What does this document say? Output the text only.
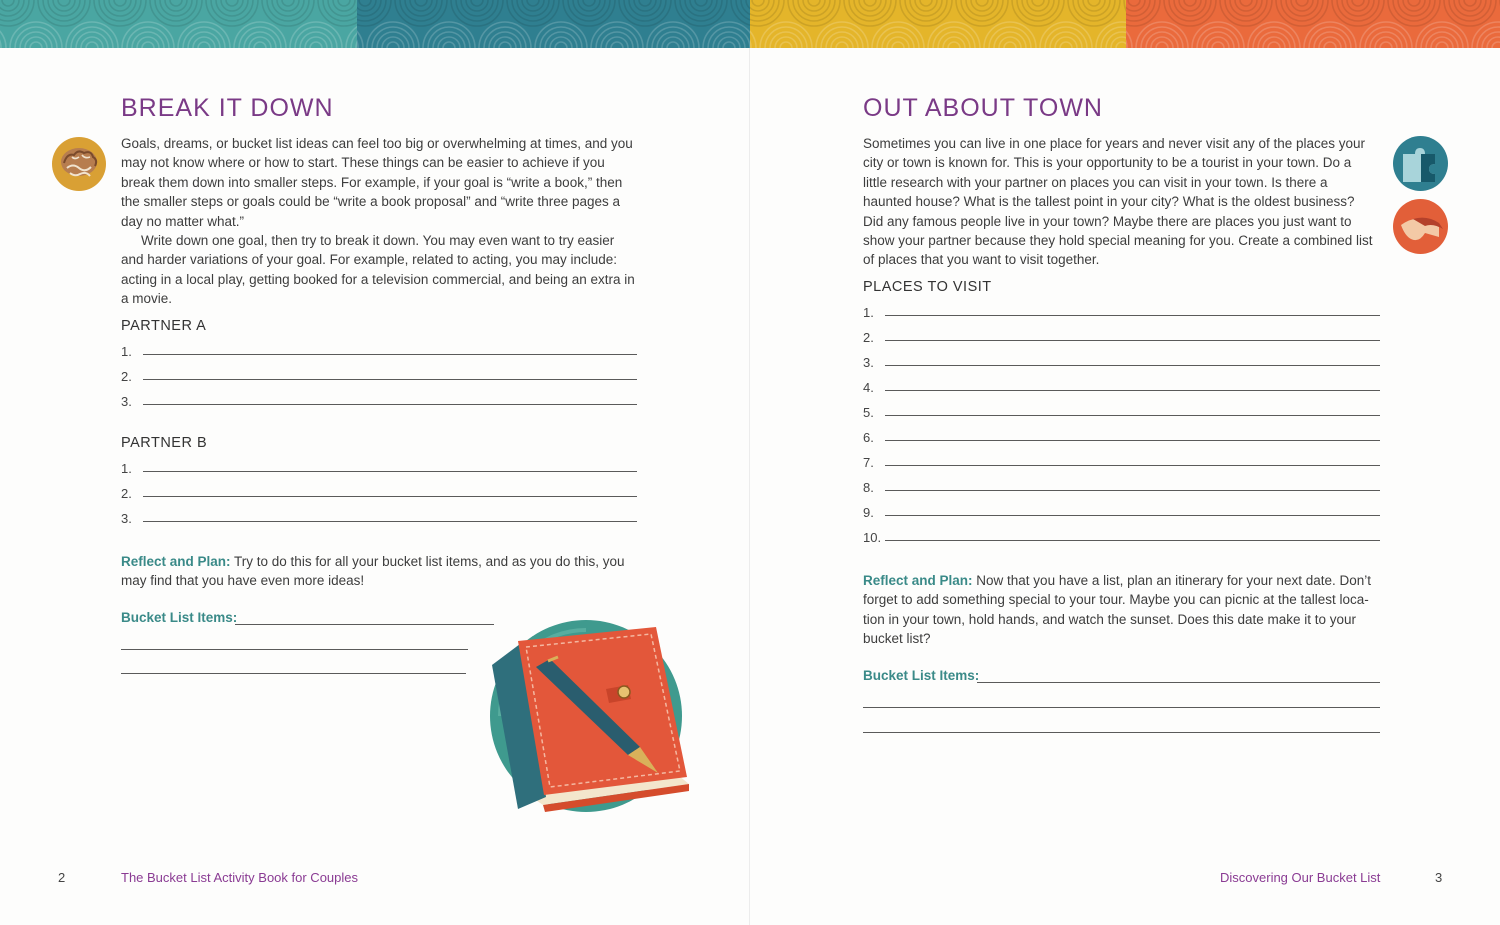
BREAK IT DOWN

Goals, dreams, or bucket list ideas can feel too big or overwhelming at times, and you may not know where or how to start. These things can be easier to achieve if you break them down into smaller steps. For example, if your goal is “write a book,” then the smaller steps or goals could be “write a book proposal” and “write three pages a day no matter what.”

Write down one goal, then try to break it down. You may even want to try easier and harder variations of your goal. For example, related to acting, you may include: acting in a local play, getting booked for a television commercial, and being an extra in a movie.

PARTNER A
1.
2.
3.
PARTNER B
1.
2.
3.
Reflect and Plan: Try to do this for all your bucket list items, and as you do this, you may find that you have even more ideas!
Bucket List Items:
2	The Bucket List Activity Book for Couples
OUT ABOUT TOWN

Sometimes you can live in one place for years and never visit any of the places your city or town is known for. This is your opportunity to be a tourist in your town. Do a little research with your partner on places you can visit in your town. Is there a haunted house? What is the tallest point in your city? What is the oldest business? Did any famous people live in your town? Maybe there are places you just want to show your partner because they hold special meaning for you. Create a combined list of places that you want to visit together.

PLACES TO VISIT
1.
2.
3.
4.
5.
6.
7.
8.
9.
10.
Reflect and Plan: Now that you have a list, plan an itinerary for your next date. Don’t forget to add something special to your tour. Maybe you can picnic at the tallest location in your town, hold hands, and watch the sunset. Does this date make it to your bucket list?
Bucket List Items:
Discovering Our Bucket List	3
